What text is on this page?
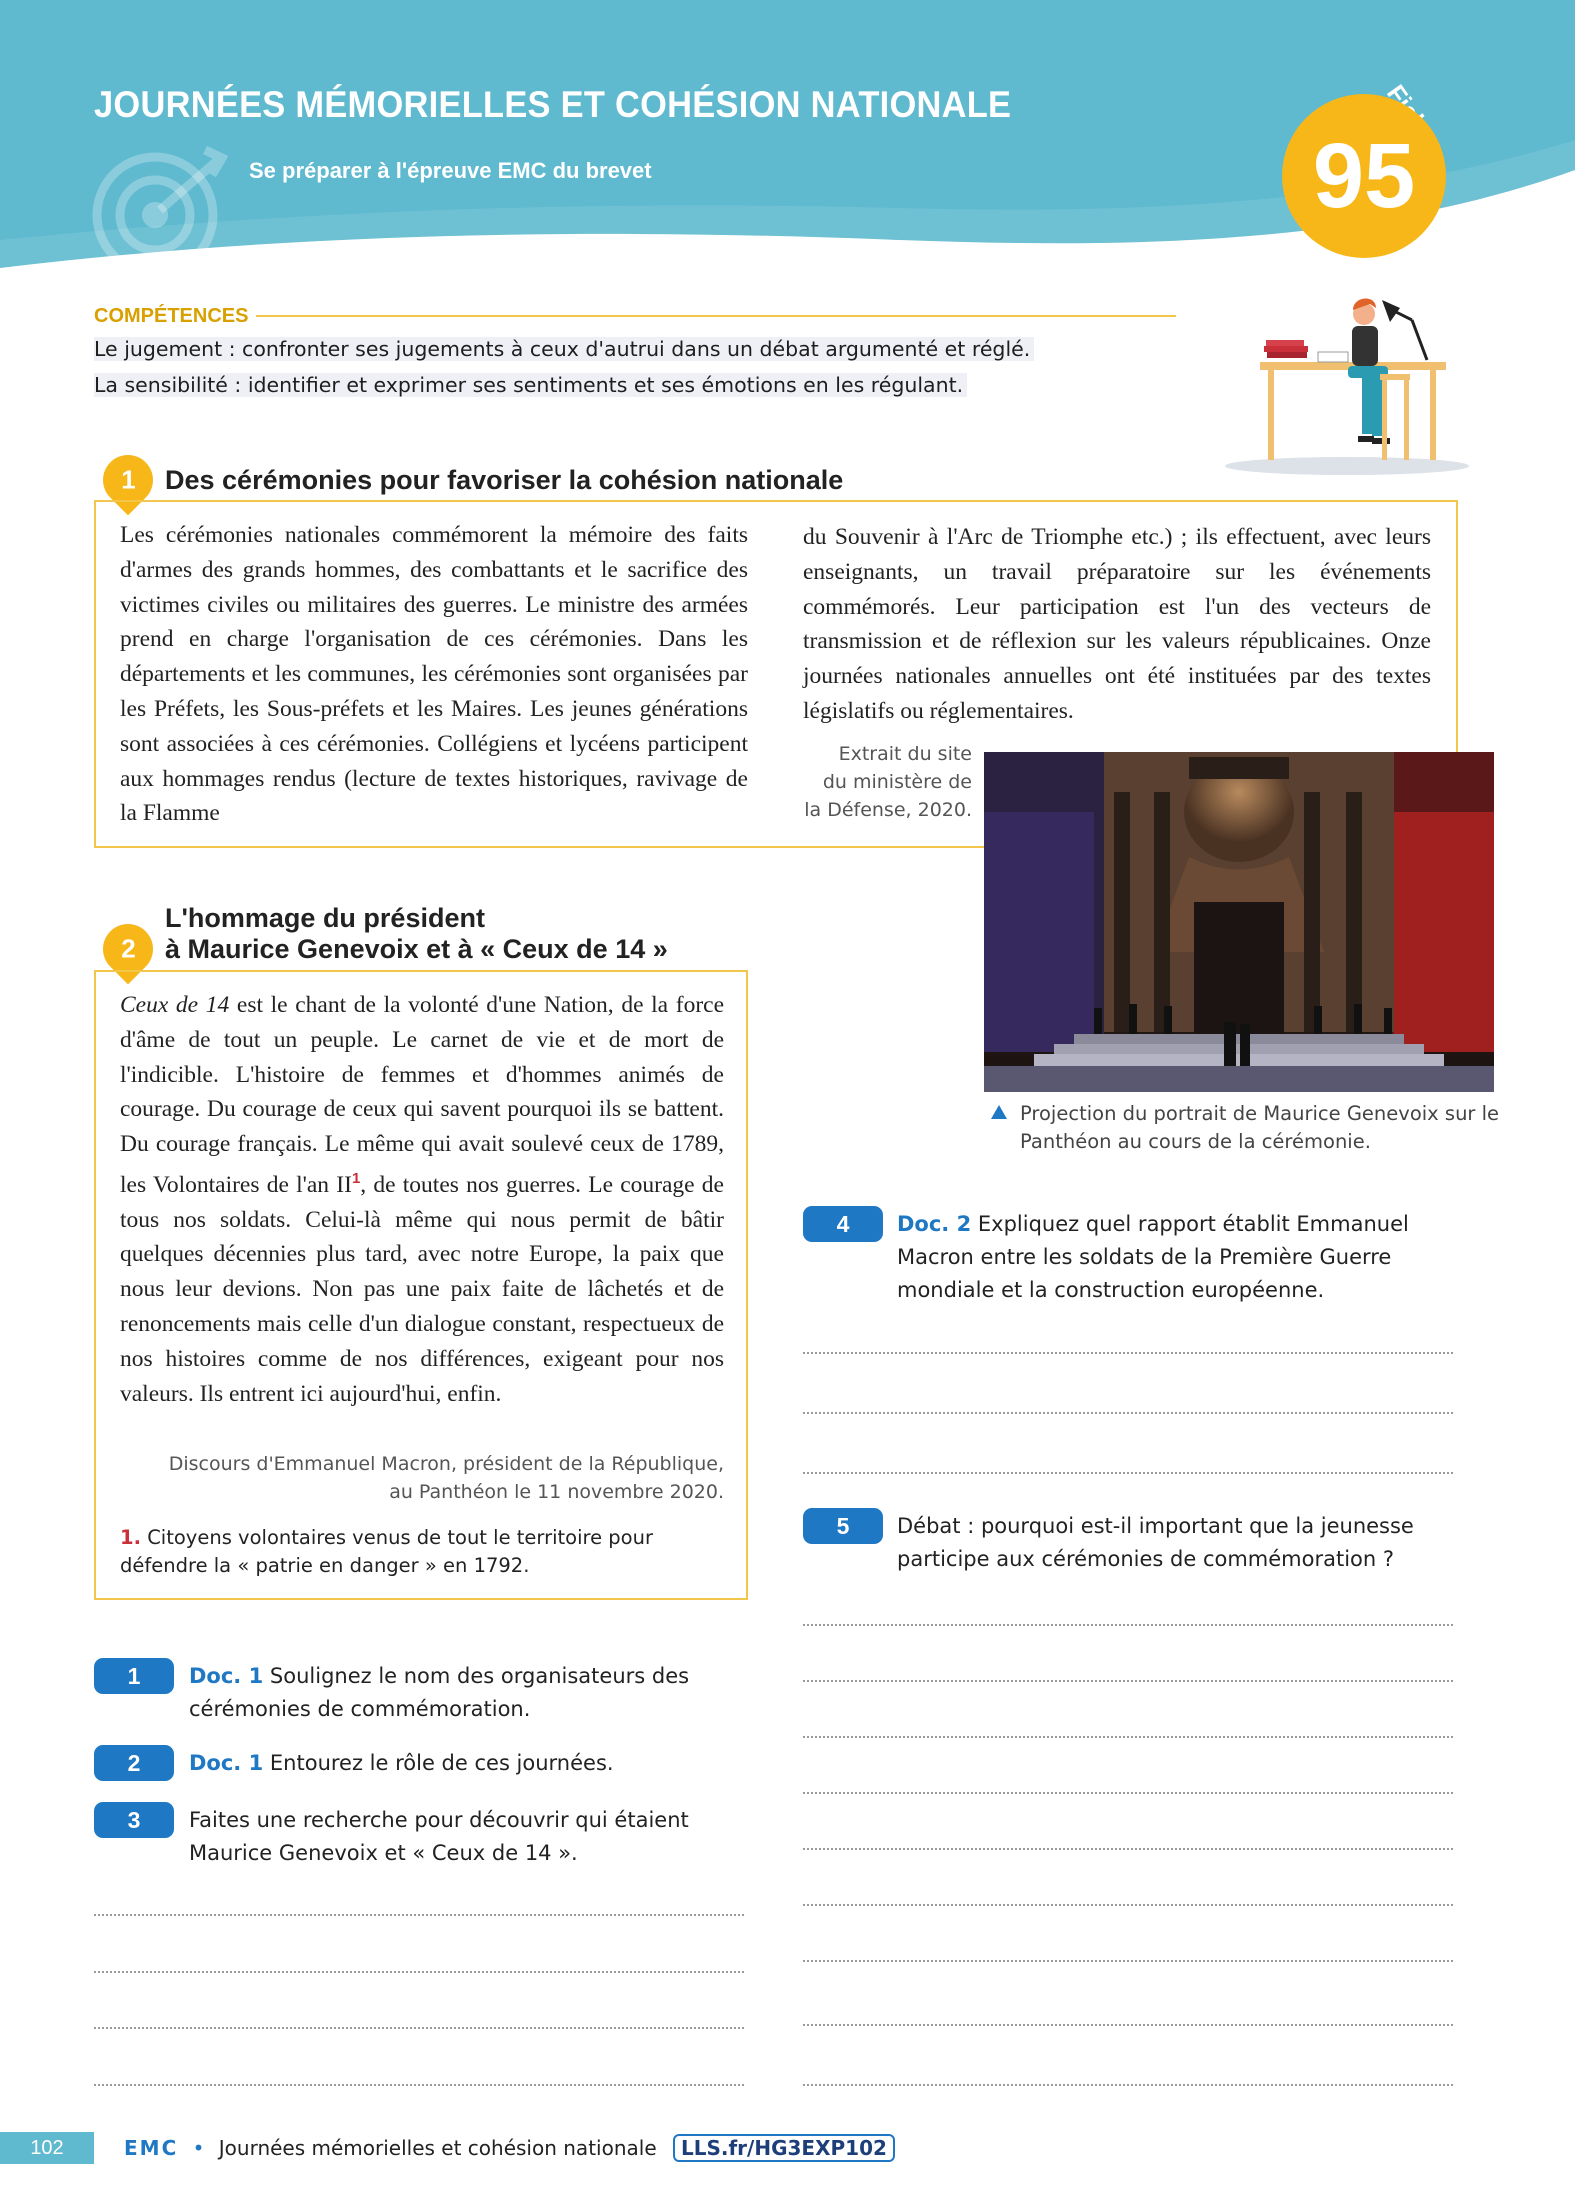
JOURNÉES MÉMORIELLES ET COHÉSION NATIONALE
Se préparer à l'épreuve EMC du brevet	95
COMPÉTENCES
Le jugement : confronter ses jugements à ceux d'autrui dans un débat argumenté et réglé.
La sensibilité : identifier et exprimer ses sentiments et ses émotions en les régulant.
1 Des cérémonies pour favoriser la cohésion nationale
Les cérémonies nationales commémorent la mémoire des faits d'armes des grands hommes, des combattants et le sacrifice des victimes civiles ou militaires des guerres. Le ministre des armées prend en charge l'organisation de ces cérémonies. Dans les départements et les communes, les cérémonies sont organisées par les Préfets, les Sous-préfets et les Maires. Les jeunes générations sont associées à ces cérémonies. Collégiens et lycéens participent aux hommages rendus (lecture de textes historiques, ravivage de la Flamme
du Souvenir à l'Arc de Triomphe etc.) ; ils effectuent, avec leurs enseignants, un travail préparatoire sur les événements commémorés. Leur participation est l'un des vecteurs de transmission et de réflexion sur les valeurs républicaines. Onze journées nationales annuelles ont été instituées par des textes législatifs ou réglementaires.
Extrait du site
du ministère de
la Défense, 2020.
Projection du portrait de Maurice Genevoix sur le Panthéon au cours de la cérémonie.
2
L'hommage du président
à Maurice Genevoix et à « Ceux de 14 »
Ceux de 14 est le chant de la volonté d'une Nation, de la force d'âme de tout un peuple. Le carnet de vie et de mort de l'indicible. L'histoire de femmes et d'hommes animés de courage. Du courage de ceux qui savent pourquoi ils se battent. Du courage français. Le même qui avait soulevé ceux de 1789, les Volontaires de l'an $II^1$, de toutes nos guerres. Le courage de tous nos soldats. Celui-là même qui nous permit de bâtir quelques décennies plus tard, avec notre Europe, la paix que nous leur devions. Non pas une paix faite de lâchetés et de renoncements mais celle d'un dialogue constant, respectueux de nos histoires comme de nos différences, exigeant pour nos valeurs. Ils entrent ici aujourd'hui, enfin.
Discours d'Emmanuel Macron, président de la République,
au Panthéon le 11 novembre 2020.
1. Citoyens volontaires venus de tout le territoire pour défendre la « patrie en danger » en 1792.
1	Doc. 1 Soulignez le nom des organisateurs des cérémonies de commémoration.
2	Doc. 1 Entourez le rôle de ces journées.
3	Faites une recherche pour découvrir qui étaient Maurice Genevoix et « Ceux de 14 ».
4	Doc. 2 Expliquez quel rapport établit Emmanuel Macron entre les soldats de la Première Guerre mondiale et la construction européenne.
5	Débat : pourquoi est-il important que la jeunesse participe aux cérémonies de commémoration ?
102	EMC • Journées mémorielles et cohésion nationale LLS.fr/HG3EXP102
